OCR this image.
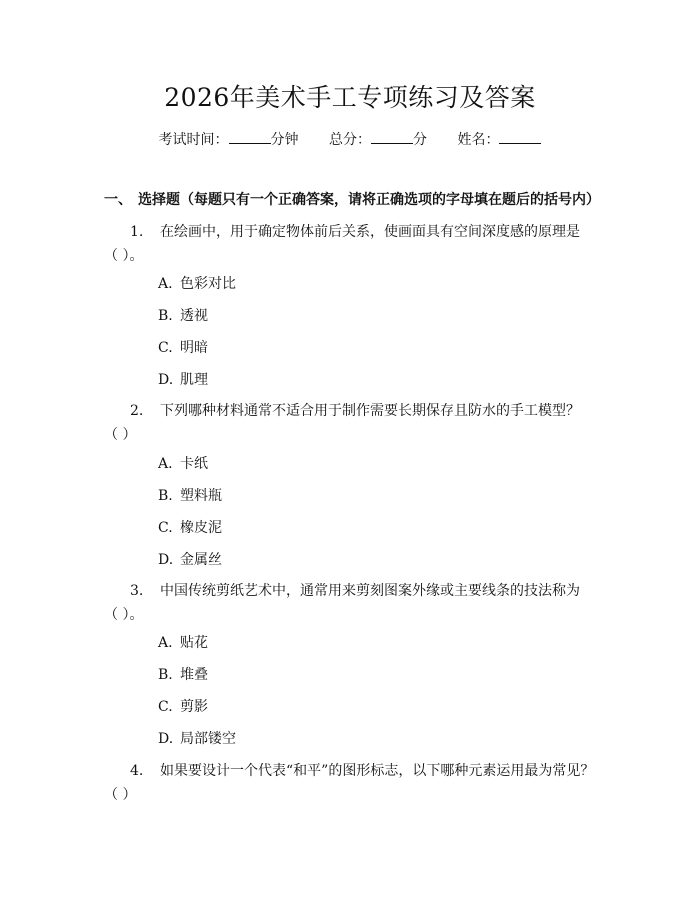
2026年美术手工专项练习及答案
考试时间：	分钟 总分：	分 姓名：
一、 选择题（每题只有一个正确答案，请将正确选项的字母填在题后的括号内）
1. 在绘画中，用于确定物体前后关系，使画面具有空间深度感的原理是
（ ）。
A. 色彩对比
B. 透视
C. 明暗
D. 肌理
2. 下列哪种材料通常不适合用于制作需要长期保存且防水的手工模型？
（ ）
A. 卡纸
B. 塑料瓶
C. 橡皮泥
D. 金属丝
3. 中国传统剪纸艺术中，通常用来剪刻图案外缘或主要线条的技法称为
（ ）。
A. 贴花
B. 堆叠
C. 剪影
D. 局部镂空
4. 如果要设计一个代表“和平”的图形标志，以下哪种元素运用最为常见？
（ ）
